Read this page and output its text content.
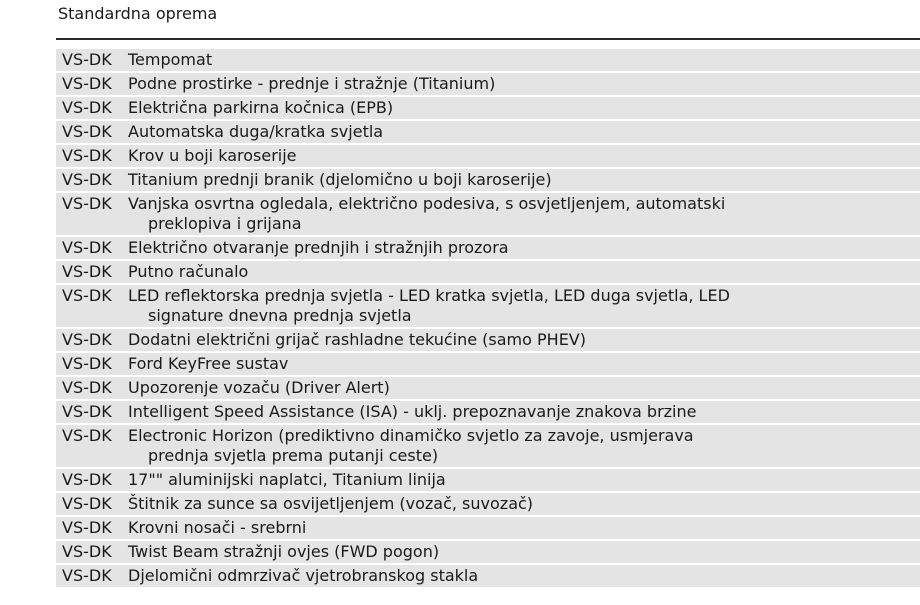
Standardna oprema
VS-DK	Tempomat
VS-DK	Podne prostirke - prednje i stražnje (Titanium)
VS-DK	Električna parkirna kočnica (EPB)
VS-DK	Automatska duga/kratka svjetla
VS-DK	Krov u boji karoserije
VS-DK	Titanium prednji branik (djelomično u boji karoserije)
VS-DK	Vanjska osvrtna ogledala, električno podesiva, s osvjetljenjem, automatski
preklopiva i grijana
VS-DK	Električno otvaranje prednjih i stražnjih prozora
VS-DK	Putno računalo
VS-DK	LED reflektorska prednja svjetla - LED kratka svjetla, LED duga svjetla, LED
signature dnevna prednja svjetla
VS-DK	Dodatni električni grijač rashladne tekućine (samo PHEV)
VS-DK	Ford KeyFree sustav
VS-DK	Upozorenje vozaču (Driver Alert)
VS-DK	Intelligent Speed Assistance (ISA) - uklj. prepoznavanje znakova brzine
VS-DK	Electronic Horizon (prediktivno dinamičko svjetlo za zavoje, usmjerava
prednja svjetla prema putanji ceste)
VS-DK	17"" aluminijski naplatci, Titanium linija
VS-DK	Štitnik za sunce sa osvijetljenjem (vozač, suvozač)
VS-DK	Krovni nosači - srebrni
VS-DK	Twist Beam stražnji ovjes (FWD pogon)
VS-DK	Djelomični odmrzivač vjetrobranskog stakla
